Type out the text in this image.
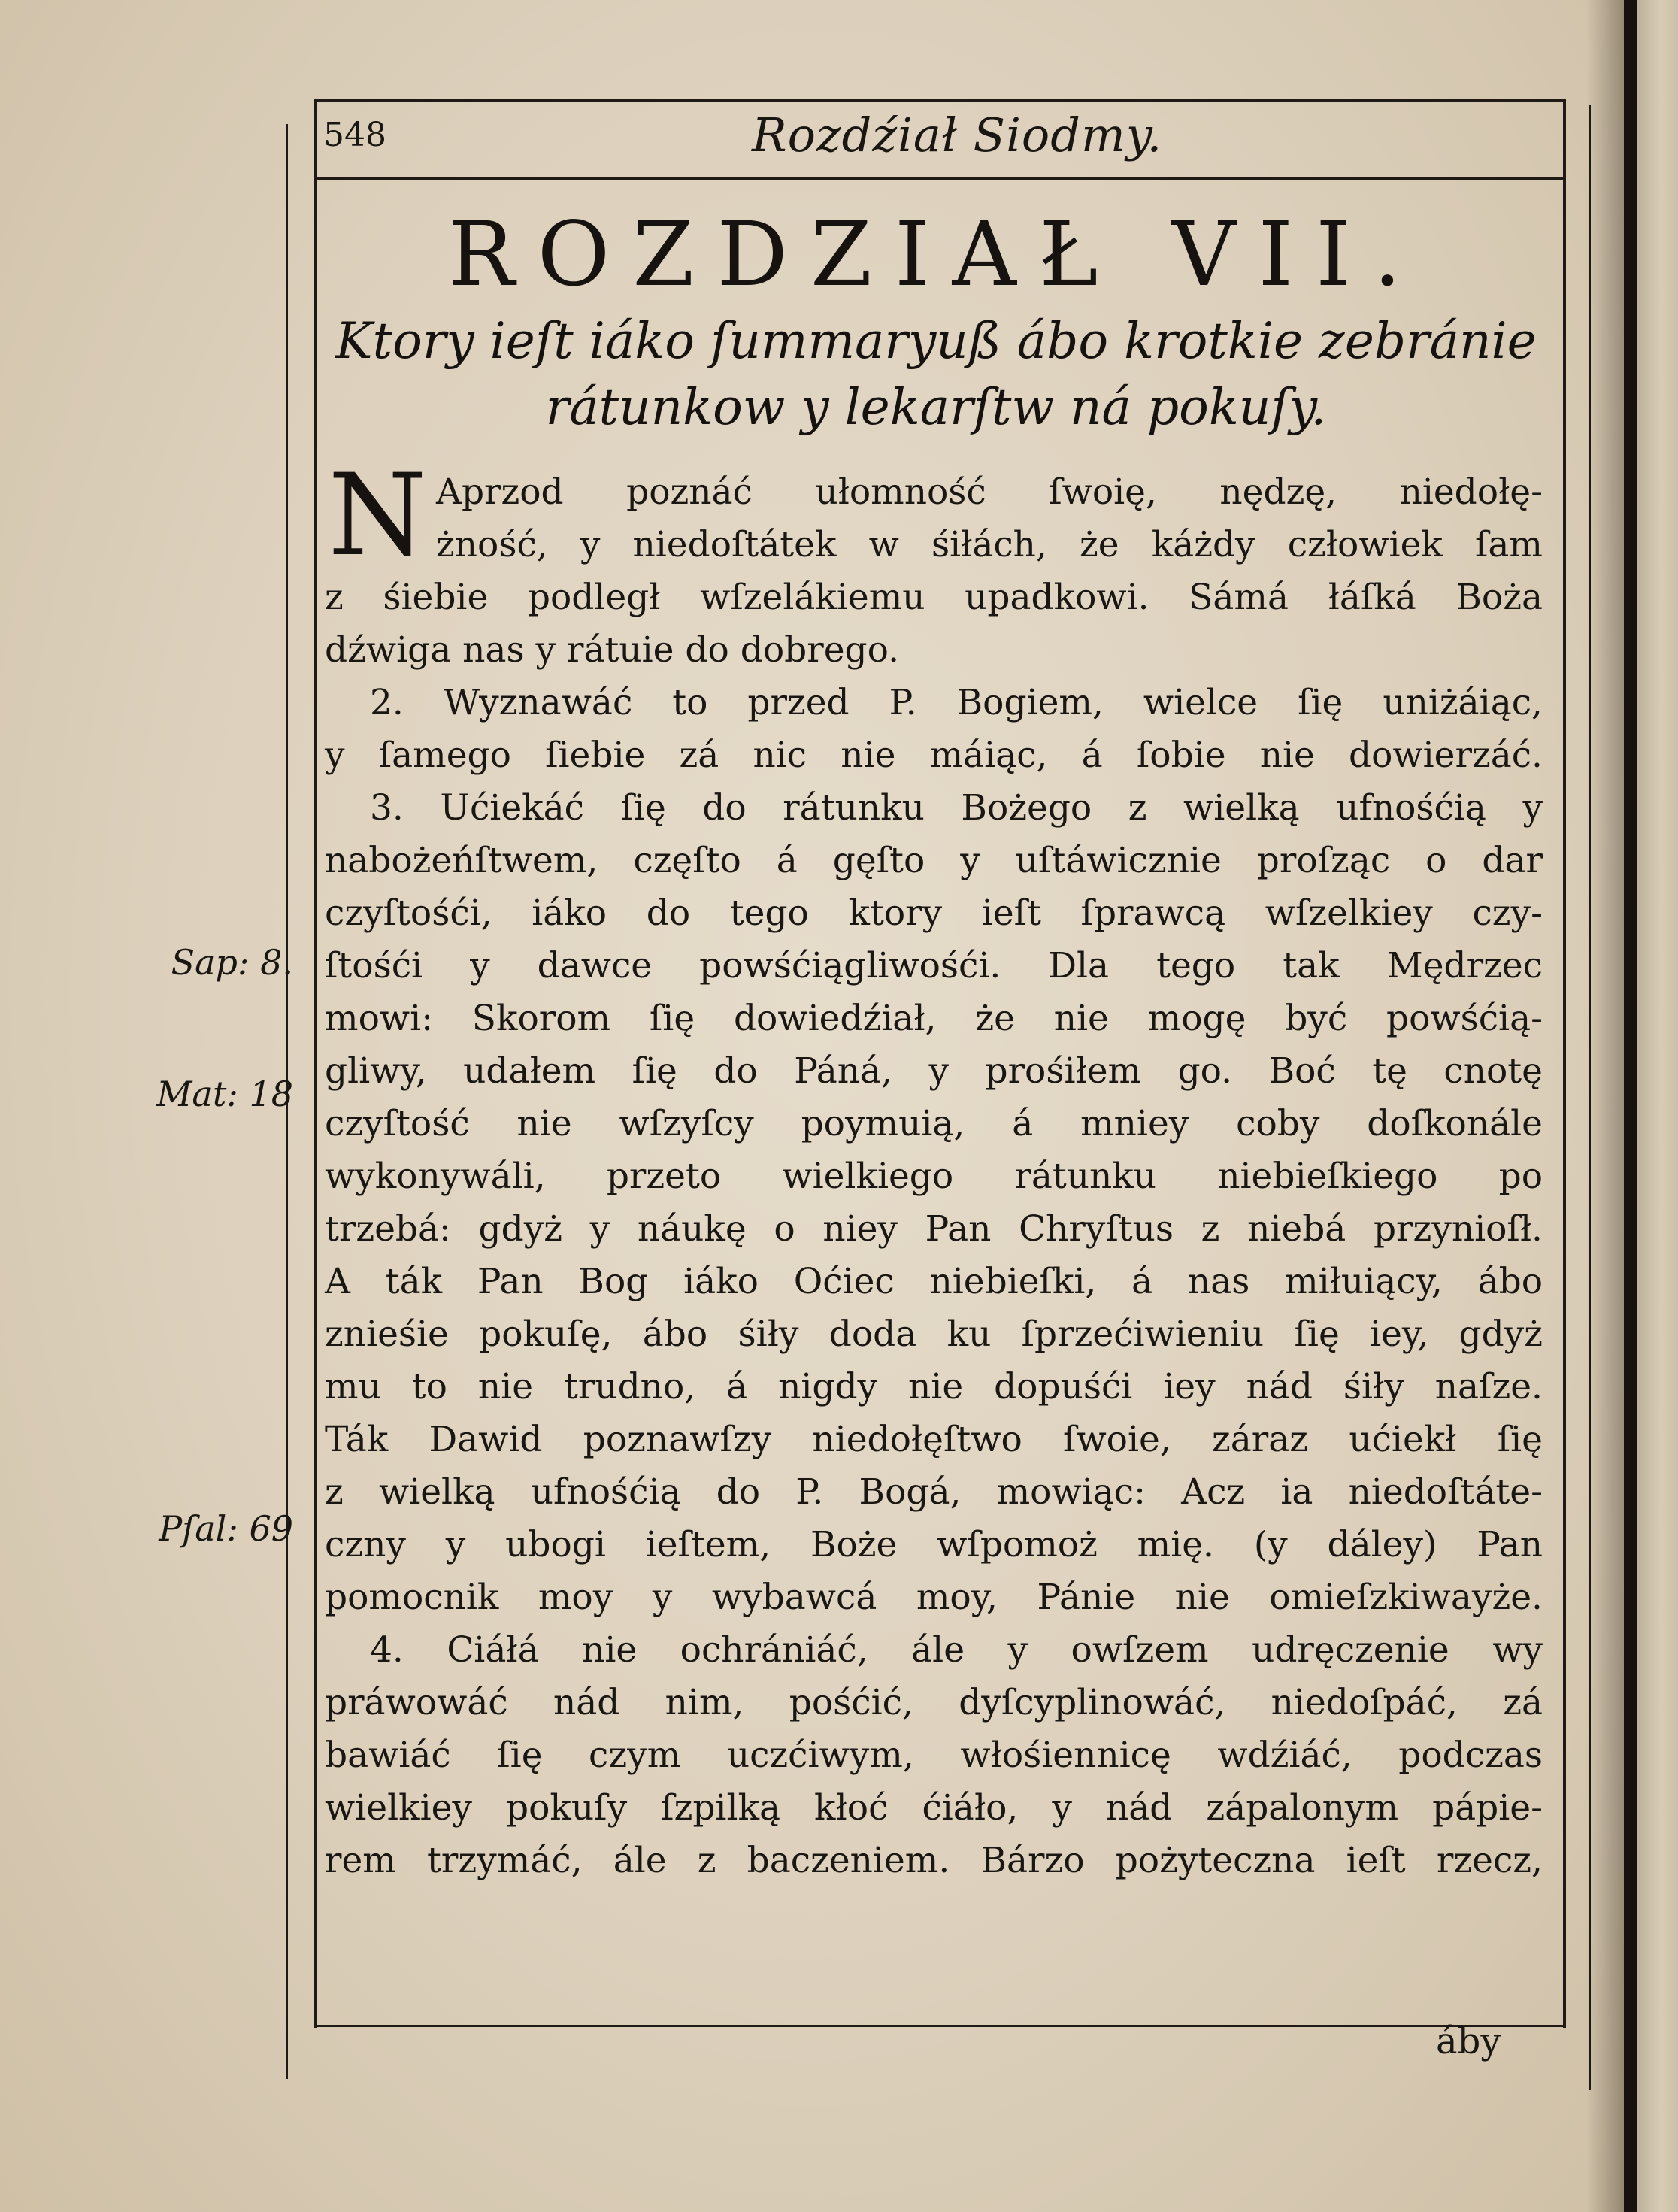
548	Rozdźiał Siodmy.
ROZDZIAŁ VII.
Ktory ieſt iáko ſummaryuß ábo krotkie zebránie
rátunkow y lekarſtw ná pokuſy.
N Aprzod poznáć ułomność ſwoię, nędzę, niedołę-
żność, y niedoſtátek w śiłách, że káżdy człowiek ſam
z śiebie podległ wſzelákiemu upadkowi. Sámá łáſká Boża
dźwiga nas y rátuie do dobrego.
2. Wyznawáć to przed P. Bogiem, wielce ſię uniżáiąc,
y ſamego ſiebie zá nic nie máiąc, á ſobie nie dowierzáć.
3. Ućiekáć ſię do rátunku Bożego z wielką ufnośćią y
nabożeńſtwem, częſto á gęſto y uſtáwicznie proſząc o dar
czyſtośći, iáko do tego ktory ieſt ſprawcą wſzelkiey czy-
ſtośći y dawce powśćiągliwośći. Dla tego tak Mędrzec
mowi: Skorom ſię dowiedźiał, że nie mogę być powśćią-
gliwy, udałem ſię do Páná, y prośiłem go. Boć tę cnotę
czyſtość nie wſzyſcy poymuią, á mniey coby doſkonále
wykonywáli, przeto wielkiego rátunku niebieſkiego po
trzebá: gdyż y náukę o niey Pan Chryſtus z niebá przynioſł.
A ták Pan Bog iáko Oćiec niebieſki, á nas miłuiący, ábo
znieśie pokuſę, ábo śiły doda ku ſprzećiwieniu ſię iey, gdyż
mu to nie trudno, á nigdy nie dopuśći iey nád śiły naſze.
Ták Dawid poznawſzy niedołęſtwo ſwoie, záraz ućiekł ſię
z wielką ufnośćią do P. Bogá, mowiąc: Acz ia niedoſtáte-
czny y ubogi ieſtem, Boże wſpomoż mię. (y dáley) Pan
pomocnik moy y wybawcá moy, Pánie nie omieſzkiwayże.
4. Ciáłá nie ochrániáć, ále y owſzem udręczenie wy
práwowáć nád nim, pośćić, dyſcyplinowáć, niedoſpáć, zá
bawiáć ſię czym uczćiwym, włośiennicę wdźiáć, podczas
wielkiey pokuſy ſzpilką kłoć ćiáło, y nád zápalonym pápie-
rem trzymáć, ále z baczeniem. Bárzo pożyteczna ieſt rzecz,
Sap: 8.
Mat: 18
Pſal: 69
áby
